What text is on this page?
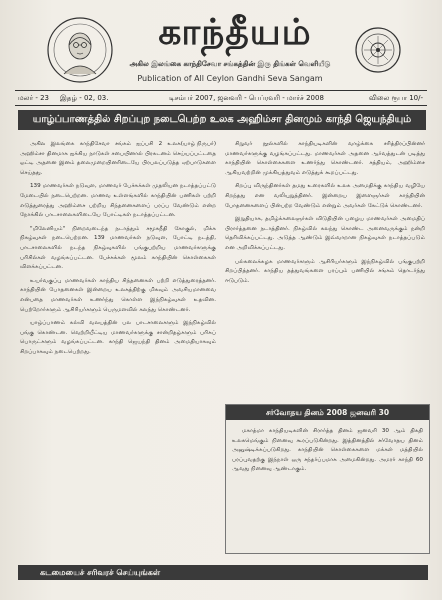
காந்தீயம்
அகில இலங்கை காந்திசேவா சங்கத்தின் இரு திங்கள் வெளியீடு
Publication of All Ceylon Gandhi Seva Sangam
மலர் - 23	இதழ் - 02, 03.	டிசம்பர் 2007, ஜனவரி - பெப்ரவரி - மார்ச் 2008	விலை ரூபா 10/-
யாழ்ப்பாணத்தில் சிறப்புற நடைபெற்ற உலக அஹிம்சா தினமும் காந்தி ஜெயந்தியும்

(யாழ் நிருபர்)

அகில இலங்கை காந்திசேவா சங்கம் ஐப்பசி 2 உலக அஹிம்சா தினமாக ஐக்கிய நாடுகள் சபையினால் பிரகடனம் செய்யப்பட்டதை ஒட்டி அதனை இனம் தலைமுறையினரிடையே பிரபலப்படுத்த ஏற்பாடுகளை செய்தது.

139 மாணவர்கள் நடுவுள, மாணவர் பேச்சுக்கள் முதலியன நடாத்தப்பட்டு மேடையில் நடைபெற்றன. மாணவ உள்ளங்களில் காந்தியின் பணிகள் பற்றி எடுத்துரைத்து அஹிம்சை பற்றிய சிந்தனைகளைப் பரப்ப வேண்டும் என்ற நோக்கில் பாடசாலைகளிடையே போட்டிகள் நடாத்தப்பட்டன.

"மிலேனியம்" நிறைவடைந்த நடாத்தும் சமூகநீதி கோகுல், மிக்க நிகழ்வுகள் நடைபெற்றன. 139 மாணவர்கள் நடுவுள, போட்டி நடத்தி, பாடசாலைகளில் நடந்த நிகழ்வுகளில் பங்குபற்றிய மாணவர்களுக்கு பரிசில்கள் வழங்கப்பட்டன. பேச்சுக்கள் மூலம் காந்தியின் கொள்கைகள் விளக்கப்பட்டன.

உயர்வகுப்பு மாணவர்கள் காந்திய சிந்தனைகள் பற்றி எடுத்துரைத்தனர். காந்தியின் போதனைகள் இன்றைய உலகத்திற்கு மிகவும் அவசியமானவை என்பதை மாணவர்கள் உணர்ந்து கொள்ள இந்நிகழ்வுகள் உதவின. பெற்றோர்களும் ஆசிரியர்களும் பெருமளவில் கலந்து கொண்டனர்.

யாழ்ப்பாணம் கல்வி வலயத்தின் பல பாடசாலைகளும் இந்நிகழ்வில் பங்கு கொண்டன. வெற்றியீட்டிய மாணவர்களுக்கு சான்றிதழ்களும் பரிசுப் பொருட்களும் வழங்கப்பட்டன. காந்தி ஜெயந்தி தினம் அமைதியாகவும் சிறப்பாகவும் நடைபெற்றது.

சிறுவர் நூல்களில் காந்தியடிகளின் வாழ்க்கை சரித்திரப்பின்னர் மாணவர்களுக்கு வழங்கப்பட்டது. மாணவர்கள் அதனை ஆர்வத்துடன் படித்து காந்தியின் கொள்கைகளை உணர்ந்து கொண்டனர். சத்தியம், அஹிம்சை ஆகியவற்றின் முக்கியத்துவம் எடுத்துக் கூறப்பட்டது.

சிறப்பு விருந்தினர்கள் தமது உரைகளில் உலக அமைதிக்கு காந்திய வழியே சிறந்தது என வலியுறுத்தினர். இன்றைய இளைஞர்கள் காந்தியின் போதனைகளைப் பின்பற்ற வேண்டும் என்றும் அவர்கள் கேட்டுக் கொண்டனர்.

இறுதியாக, தமிழ்க்கலைஞர்கள் விடுதியின் பழைய மாணவர்கள் அமைதிப் பிரார்த்தனை நடாத்தினர். நிகழ்வில் கலந்து கொண்ட அனைவருக்கும் நன்றி தெரிவிக்கப்பட்டது. அடுத்த ஆண்டும் இவ்வாறான நிகழ்வுகள் நடாத்தப்படும் என அறிவிக்கப்பட்டது.

பல்கலைக்கழக மாணவர்களும் ஆசிரியர்களும் இந்நிகழ்வில் பங்குபற்றி சிறப்பித்தனர். காந்திய தத்துவங்களை பரப்பும் பணியில் சங்கம் தொடர்ந்து ஈடுபடும்.

சர்வோதய தினம் 2008 ஜனவரி 30

மகாத்மா காந்தியடிகளின் சிரார்த்த தினம் ஜனவரி 30 ஆம் திகதி உலகமெங்கும் நினைவு கூரப்படுகின்றது. இத்தினத்தில் சர்வோதய தினம் அனுஷ்டிக்கப்படுகிறது. காந்தியின் கொள்கைகளை மக்கள் மத்தியில் பரப்புவதற்கு இந்நாள் ஒரு சந்தர்ப்பமாக அமைகின்றது. அமரர் காந்தி 60 ஆவது நினைவு ஆண்டாகும்.

கடமையைச் சரிவரச் செய்யுங்கள்
